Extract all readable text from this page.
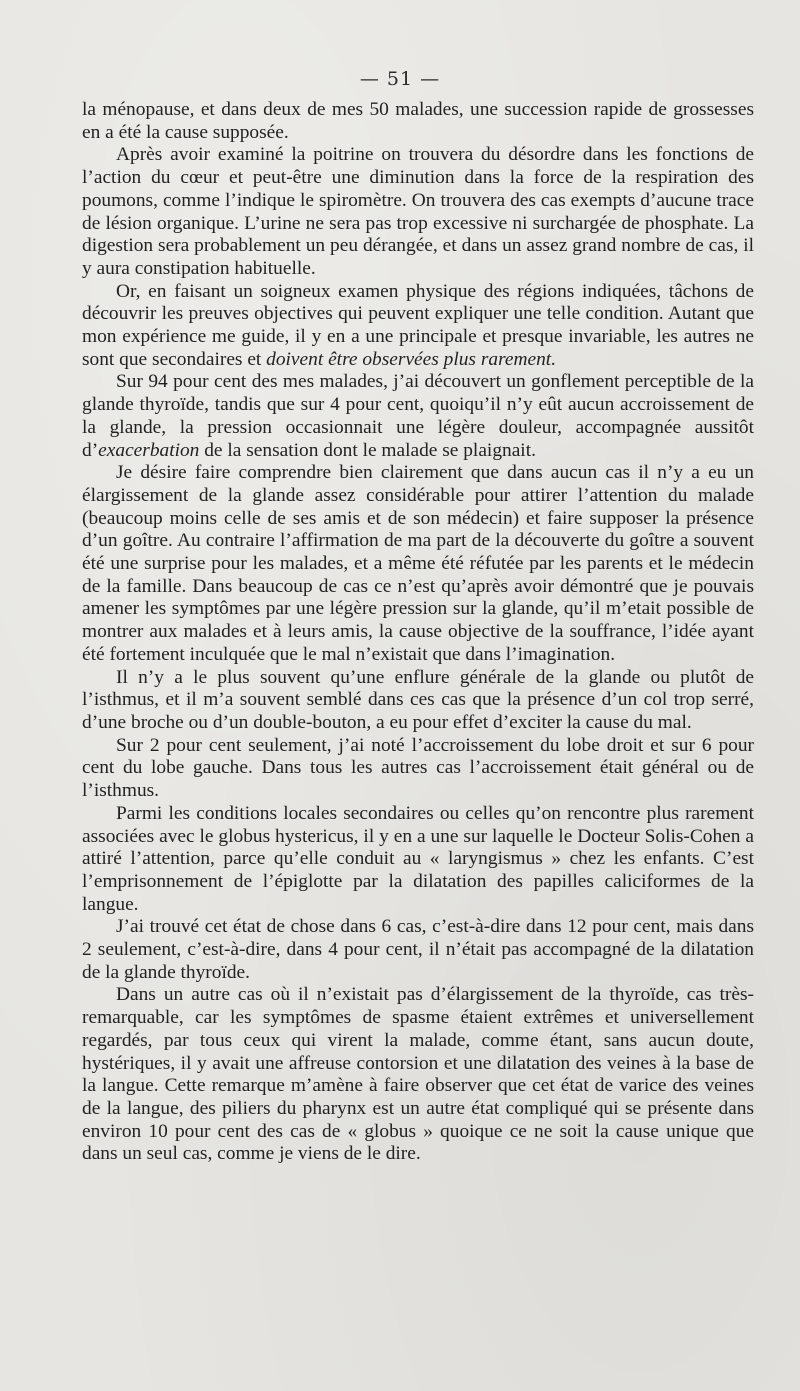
— 51 —

la ménopause, et dans deux de mes 50 malades, une succession rapide de grossesses en a été la cause supposée.

Après avoir examiné la poitrine on trouvera du désordre dans les fonctions de l’action du cœur et peut-être une diminution dans la force de la respiration des poumons, comme l’indique le spiromètre. On trouvera des cas exempts d’aucune trace de lésion organique. L’urine ne sera pas trop excessive ni surchargée de phosphate. La digestion sera probablement un peu dérangée, et dans un assez grand nombre de cas, il y aura constipation habituelle.

Or, en faisant un soigneux examen physique des régions indiquées, tâchons de découvrir les preuves objectives qui peuvent expliquer une telle condition. Autant que mon expérience me guide, il y en a une principale et presque invariable, les autres ne sont que secondaires et doivent être observées plus rarement.

Sur 94 pour cent des mes malades, j’ai découvert un gonflement perceptible de la glande thyroïde, tandis que sur 4 pour cent, quoiqu’il n’y eût aucun accroissement de la glande, la pression occasionnait une légère douleur, accompagnée aussitôt d’exacerbation de la sensation dont le malade se plaignait.

Je désire faire comprendre bien clairement que dans aucun cas il n’y a eu un élargissement de la glande assez considérable pour attirer l’attention du malade (beaucoup moins celle de ses amis et de son médecin) et faire supposer la présence d’un goître. Au contraire l’affirmation de ma part de la découverte du goître a souvent été une surprise pour les malades, et a même été réfutée par les parents et le médecin de la famille. Dans beaucoup de cas ce n’est qu’après avoir démontré que je pouvais amener les symptômes par une légère pression sur la glande, qu’il m’etait possible de montrer aux malades et à leurs amis, la cause objective de la souffrance, l’idée ayant été fortement inculquée que le mal n’existait que dans l’imagination.

Il n’y a le plus souvent qu’une enflure générale de la glande ou plutôt de l’isthmus, et il m’a souvent semblé dans ces cas que la présence d’un col trop serré, d’une broche ou d’un double-bouton, a eu pour effet d’exciter la cause du mal.

Sur 2 pour cent seulement, j’ai noté l’accroissement du lobe droit et sur 6 pour cent du lobe gauche. Dans tous les autres cas l’accroissement était général ou de l’isthmus.

Parmi les conditions locales secondaires ou celles qu’on rencontre plus rarement associées avec le globus hystericus, il y en a une sur laquelle le Docteur Solis-Cohen a attiré l’attention, parce qu’elle conduit au « laryngismus » chez les enfants. C’est l’emprisonnement de l’épiglotte par la dilatation des papilles caliciformes de la langue.

J’ai trouvé cet état de chose dans 6 cas, c’est-à-dire dans 12 pour cent, mais dans 2 seulement, c’est-à-dire, dans 4 pour cent, il n’était pas accompagné de la dilatation de la glande thyroïde.

Dans un autre cas où il n’existait pas d’élargissement de la thyroïde, cas très-remarquable, car les symptômes de spasme étaient extrêmes et universellement regardés, par tous ceux qui virent la malade, comme étant, sans aucun doute, hystériques, il y avait une affreuse contorsion et une dilatation des veines à la base de la langue. Cette remarque m’amène à faire observer que cet état de varice des veines de la langue, des piliers du pharynx est un autre état compliqué qui se présente dans environ 10 pour cent des cas de « globus » quoique ce ne soit la cause unique que dans un seul cas, comme je viens de le dire.
